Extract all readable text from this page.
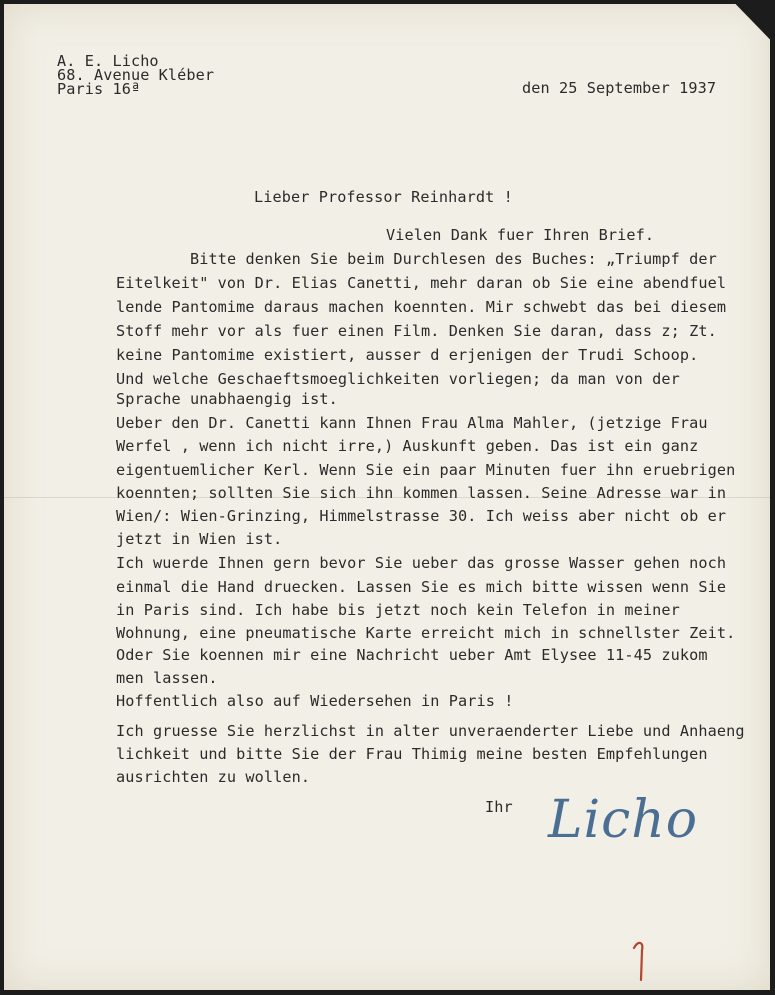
A. E. Licho
68. Avenue Kléber
Paris 16ª	den 25 September 1937
Lieber Professor Reinhardt !
Vielen Dank fuer Ihren Brief.
Bitte denken Sie beim Durchlesen des Buches: „Triumpf der
Eitelkeit" von Dr. Elias Canetti, mehr daran ob Sie eine abendfuel
lende Pantomime daraus machen koennten. Mir schwebt das bei diesem
Stoff mehr vor als fuer einen Film. Denken Sie daran, dass z; Zt.
keine Pantomime existiert, ausser d erjenigen der Trudi Schoop.
Und welche Geschaeftsmoeglichkeiten vorliegen; da man von der
Sprache unabhaengig ist.
Ueber den Dr. Canetti kann Ihnen Frau Alma Mahler, (jetzige Frau
Werfel , wenn ich nicht irre,) Auskunft geben. Das ist ein ganz
eigentuemlicher Kerl. Wenn Sie ein paar Minuten fuer ihn eruebrigen
koennten; sollten Sie sich ihn kommen lassen. Seine Adresse war in
Wien/: Wien-Grinzing, Himmelstrasse 30. Ich weiss aber nicht ob er
jetzt in Wien ist.
Ich wuerde Ihnen gern bevor Sie ueber das grosse Wasser gehen noch
einmal die Hand druecken. Lassen Sie es mich bitte wissen wenn Sie
in Paris sind. Ich habe bis jetzt noch kein Telefon in meiner
Wohnung, eine pneumatische Karte erreicht mich in schnellster Zeit.
Oder Sie koennen mir eine Nachricht ueber Amt Elysee 11-45 zukom
men lassen.
Hoffentlich also auf Wiedersehen in Paris !
Ich gruesse Sie herzlichst in alter unveraenderter Liebe und Anhaeng
lichkeit und bitte Sie der Frau Thimig meine besten Empfehlungen
ausrichten zu wollen.
Ihr Licho
